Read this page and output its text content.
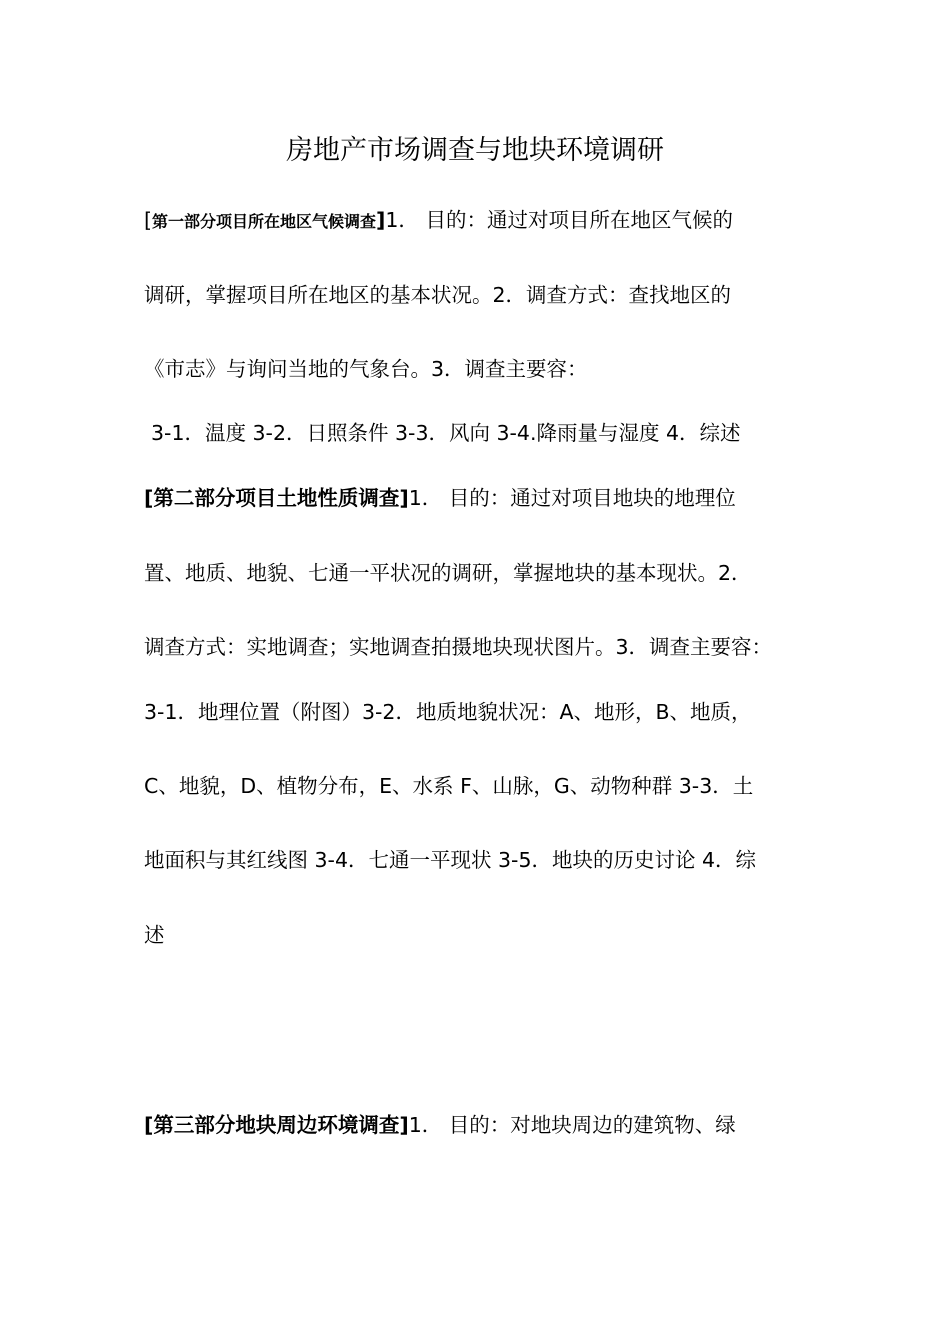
房地产市场调查与地块环境调研
[第一部分项目所在地区气候调查]1． 目的：通过对项目所在地区气候的
调研，掌握项目所在地区的基本状况。2．调查方式：查找地区的
《市志》与询问当地的气象台。3．调查主要容：
3-1．温度 3-2．日照条件 3-3．风向 3-4.降雨量与湿度 4．综述
[第二部分项目土地性质调查]1． 目的：通过对项目地块的地理位
置、地质、地貌、七通一平状况的调研，掌握地块的基本现状。2．
调查方式：实地调查；实地调查拍摄地块现状图片。3．调查主要容：
3-1．地理位置（附图）3-2．地质地貌状况：A、地形，B、地质，
C、地貌，D、植物分布，E、水系 F、山脉，G、动物种群 3-3．土
地面积与其红线图 3-4．七通一平现状 3-5．地块的历史讨论 4．综
述
[第三部分地块周边环境调查]1． 目的：对地块周边的建筑物、绿
